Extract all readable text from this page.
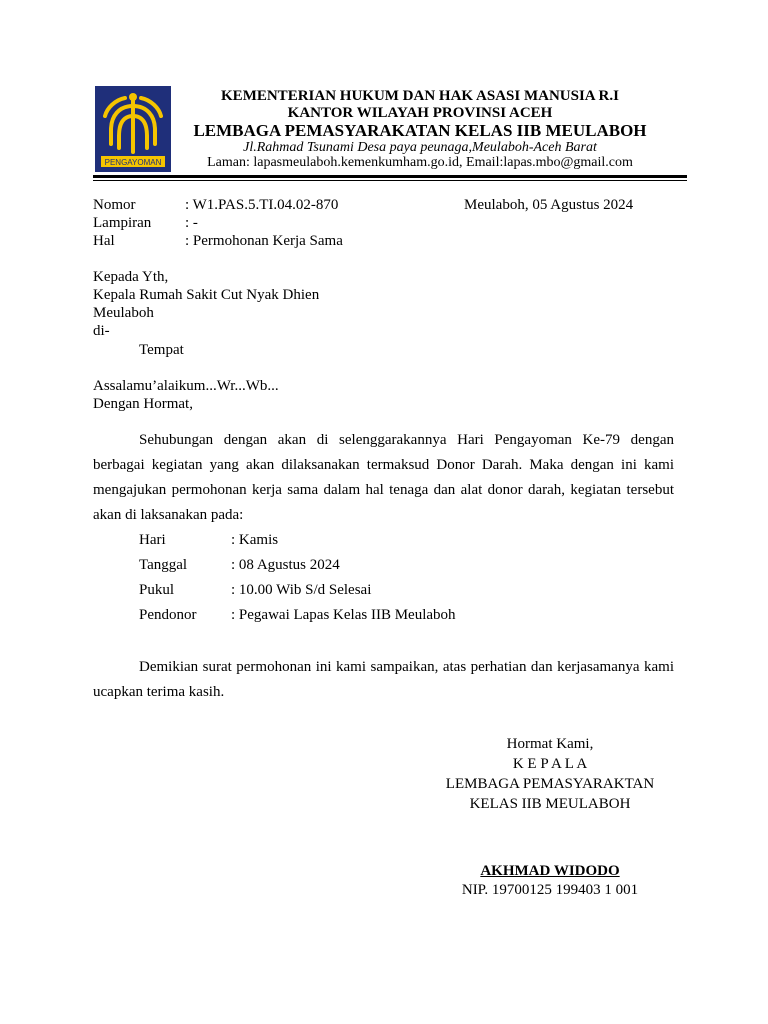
PENGAYOMAN
KEMENTERIAN HUKUM DAN HAK ASASI MANUSIA R.I
KANTOR WILAYAH PROVINSI ACEH
LEMBAGA PEMASYARAKATAN KELAS IIB MEULABOH
Jl.Rahmad Tsunami Desa paya peunaga,Meulaboh-Aceh Barat
Laman: lapasmeulaboh.kemenkumham.go.id, Email:lapas.mbo@gmail.com
Nomor	: W1.PAS.5.TI.04.02-870	Meulaboh, 05 Agustus 2024
Lampiran : -
Hal	: Permohonan Kerja Sama
Kepada Yth,
Kepala Rumah Sakit Cut Nyak Dhien
Meulaboh
di-
Tempat
Assalamu’alaikum...Wr...Wb...
Dengan Hormat,

Sehubungan dengan akan di selenggarakannya Hari Pengayoman Ke-79 dengan berbagai kegiatan yang akan dilaksanakan termaksud Donor Darah. Maka dengan ini kami mengajukan permohonan kerja sama dalam hal tenaga dan alat donor darah, kegiatan tersebut akan di laksanakan pada:

Hari	: Kamis
Tanggal	: 08 Agustus 2024
Pukul	: 10.00 Wib S/d Selesai
Pendonor : Pegawai Lapas Kelas IIB Meulaboh

Demikian surat permohonan ini kami sampaikan, atas perhatian dan kerjasamanya kami ucapkan terima kasih.

Hormat Kami,
K E P A L A
LEMBAGA PEMASYARAKTAN
KELAS IIB MEULABOH
AKHMAD WIDODO
NIP. 19700125 199403 1 001
